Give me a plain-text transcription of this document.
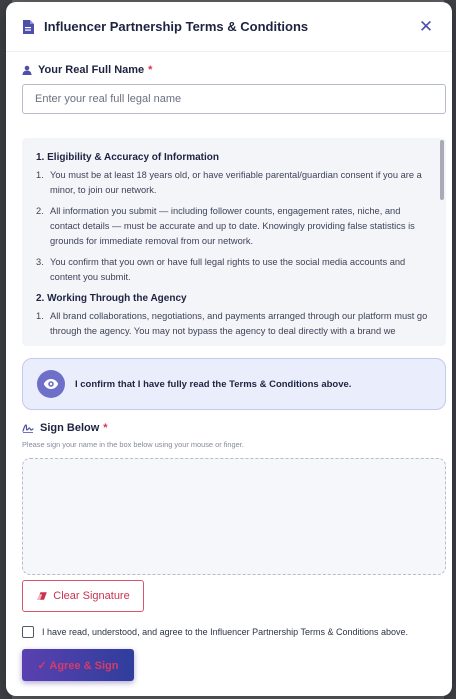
Influencer Partnership Terms & Conditions	✕
Your Real Full Name *
Enter your real full legal name
1. Eligibility & Accuracy of Information
1. You must be at least 18 years old, or have verifiable parental/guardian consent if you are a minor, to join our network.
2. All information you submit — including follower counts, engagement rates, niche, and contact details — must be accurate and up to date. Knowingly providing false statistics is grounds for immediate removal from our network.
3. You confirm that you own or have full legal rights to use the social media accounts and content you submit.
2. Working Through the Agency
1. All brand collaborations, negotiations, and payments arranged through our platform must go through the agency. You may not bypass the agency to deal directly with a brand we
I confirm that I have fully read the Terms & Conditions above.
Sign Below *
Please sign your name in the box below using your mouse or finger.
Clear Signature
I have read, understood, and agree to the Influencer Partnership Terms & Conditions above.
✓ Agree & Sign
